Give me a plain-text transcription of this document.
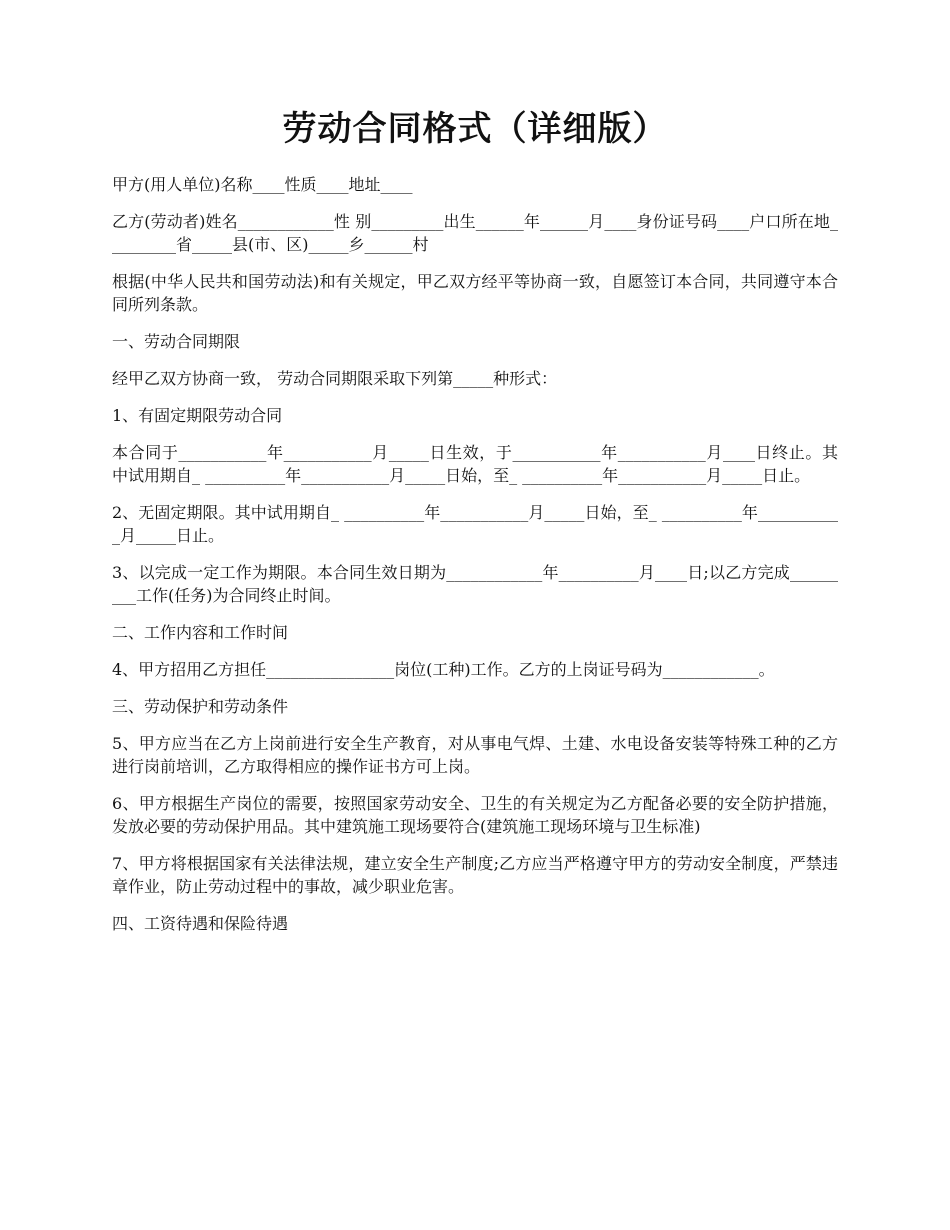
劳动合同格式（详细版）

甲方(用人单位)名称____性质____地址____

乙方(劳动者)姓名____________性 别_________出生______年______月____身份证号码____户口所在地_________省_____县(市、区)_____乡______村

根据(中华人民共和国劳动法)和有关规定，甲乙双方经平等协商一致，自愿签订本合同，共同遵守本合同所列条款。

一、劳动合同期限

经甲乙双方协商一致， 劳动合同期限采取下列第_____种形式：

1、有固定期限劳动合同

本合同于___________年___________月_____日生效，于___________年___________月____日终止。其中试用期自_ __________年___________月_____日始，至_ __________年___________月_____日止。

2、无固定期限。其中试用期自_ __________年___________月_____日始，至_ __________年___________月_____日止。

3、以完成一定工作为期限。本合同生效日期为____________年__________月____日;以乙方完成_________工作(任务)为合同终止时间。

二、工作内容和工作时间

4、甲方招用乙方担任________________岗位(工种)工作。乙方的上岗证号码为____________。

三、劳动保护和劳动条件

5、甲方应当在乙方上岗前进行安全生产教育，对从事电气焊、土建、水电设备安装等特殊工种的乙方进行岗前培训，乙方取得相应的操作证书方可上岗。

6、甲方根据生产岗位的需要，按照国家劳动安全、卫生的有关规定为乙方配备必要的安全防护措施，发放必要的劳动保护用品。其中建筑施工现场要符合(建筑施工现场环境与卫生标准)

7、甲方将根据国家有关法律法规，建立安全生产制度;乙方应当严格遵守甲方的劳动安全制度，严禁违章作业，防止劳动过程中的事故，减少职业危害。

四、工资待遇和保险待遇
